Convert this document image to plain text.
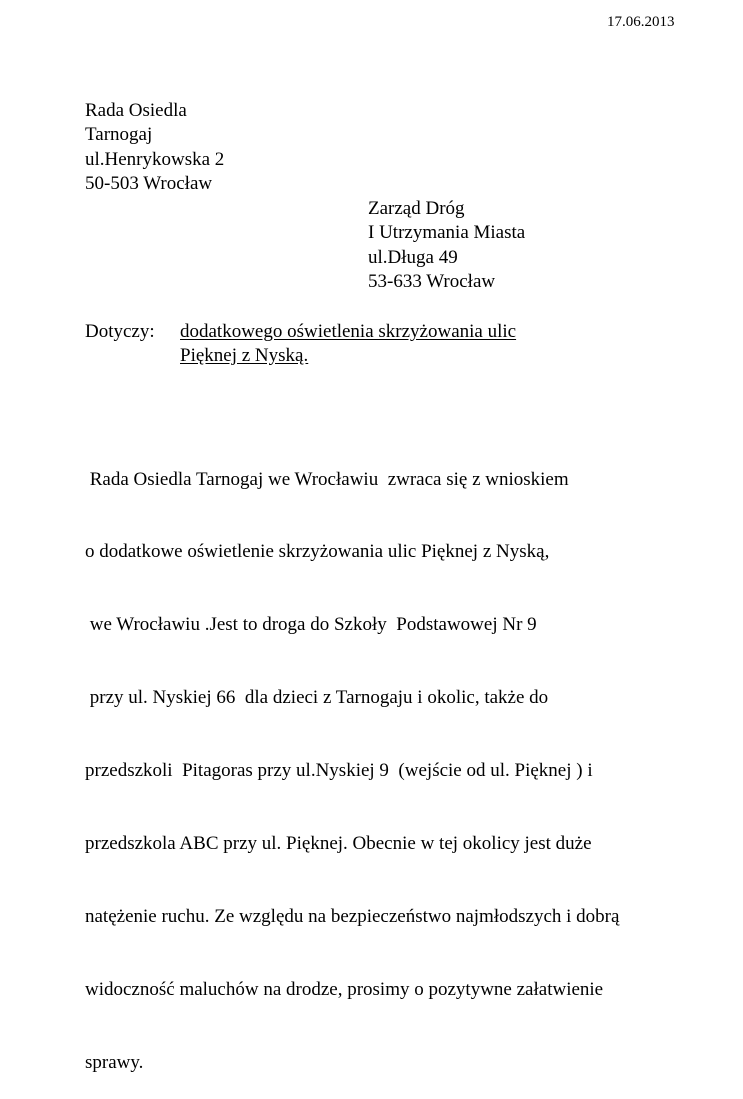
17.06.2013
Rada Osiedla
Tarnogaj
ul.Henrykowska 2
50-503 Wrocław
Zarząd Dróg
I Utrzymania Miasta
ul.Długa 49
53-633 Wrocław
Dotyczy: dodatkowego oświetlenia skrzyżowania ulic
Pięknej z Nyską.

Rada Osiedla Tarnogaj we Wrocławiu  zwraca się z wnioskiem

o dodatkowe oświetlenie skrzyżowania ulic Pięknej z Nyską,

we Wrocławiu .Jest to droga do Szkoły  Podstawowej Nr 9

przy ul. Nyskiej 66  dla dzieci z Tarnogaju i okolic, także do

przedszkoli  Pitagoras przy ul.Nyskiej 9  (wejście od ul. Pięknej ) i

przedszkola ABC przy ul. Pięknej. Obecnie w tej okolicy jest duże

natężenie ruchu. Ze względu na bezpieczeństwo najmłodszych i dobrą

widoczność maluchów na drodze, prosimy o pozytywne załatwienie

sprawy.
